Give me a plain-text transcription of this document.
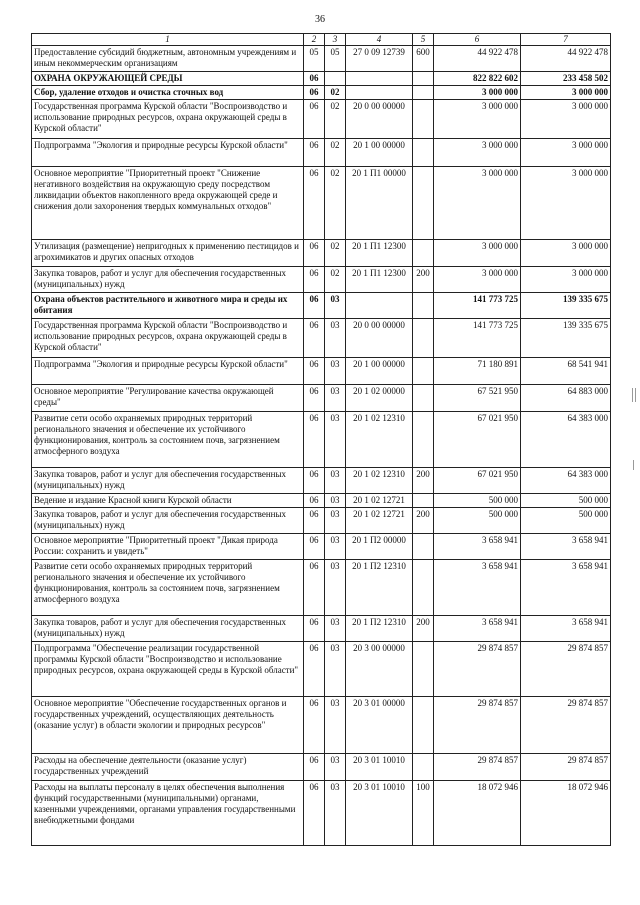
36
1	2	3	4	5	6	7
Предоставление субсидий бюджетным, автономным учреждениям и иным некоммерческим организациям	05	05	27 0 09 12739	600	44 922 478	44 922 478
ОХРАНА ОКРУЖАЮЩЕЙ СРЕДЫ	06				822 822 602	233 458 502
Сбор, удаление отходов и очистка сточных вод	06	02			3 000 000	3 000 000
Государственная программа Курской области "Воспроизводство и использование природных ресурсов, охрана окружающей среды в Курской области"	06	02	20 0 00 00000		3 000 000	3 000 000
Подпрограмма "Экология и природные ресурсы Курской области"	06	02	20 1 00 00000		3 000 000	3 000 000
Основное мероприятие "Приоритетный проект "Снижение негативного воздействия на окружающую среду посредством ликвидации объектов накопленного вреда окружающей среде и снижения доли захоронения твердых коммунальных отходов"	06	02	20 1 П1 00000		3 000 000	3 000 000
Утилизация (размещение) непригодных к применению пестицидов и агрохимикатов и других опасных отходов	06	02	20 1 П1 12300		3 000 000	3 000 000
Закупка товаров, работ и услуг для обеспечения государственных (муниципальных) нужд	06	02	20 1 П1 12300	200	3 000 000	3 000 000
Охрана объектов растительного и животного мира и среды их обитания	06	03			141 773 725	139 335 675
Государственная программа Курской области "Воспроизводство и использование природных ресурсов, охрана окружающей среды в Курской области"	06	03	20 0 00 00000		141 773 725	139 335 675
Подпрограмма "Экология и природные ресурсы Курской области"	06	03	20 1 00 00000		71 180 891	68 541 941
Основное мероприятие "Регулирование качества окружающей среды"	06	03	20 1 02 00000		67 521 950	64 883 000
Развитие сети особо охраняемых природных территорий регионального значения и обеспечение их устойчивого функционирования, контроль за состоянием почв, загрязнением атмосферного воздуха	06	03	20 1 02 12310		67 021 950	64 383 000
Закупка товаров, работ и услуг для обеспечения государственных (муниципальных) нужд	06	03	20 1 02 12310	200	67 021 950	64 383 000
Ведение и издание Красной книги Курской области	06	03	20 1 02 12721		500 000	500 000
Закупка товаров, работ и услуг для обеспечения государственных (муниципальных) нужд	06	03	20 1 02 12721	200	500 000	500 000
Основное мероприятие "Приоритетный проект "Дикая природа России: сохранить и увидеть"	06	03	20 1 П2 00000		3 658 941	3 658 941
Развитие сети особо охраняемых природных территорий регионального значения и обеспечение их устойчивого функционирования, контроль за состоянием почв, загрязнением атмосферного воздуха	06	03	20 1 П2 12310		3 658 941	3 658 941
Закупка товаров, работ и услуг для обеспечения государственных (муниципальных) нужд	06	03	20 1 П2 12310	200	3 658 941	3 658 941
Подпрограмма "Обеспечение реализации государственной программы Курской области "Воспроизводство и использование природных ресурсов, охрана окружающей среды в Курской области"	06	03	20 3 00 00000		29 874 857	29 874 857
Основное мероприятие "Обеспечение государственных органов и государственных учреждений, осуществляющих деятельность (оказание услуг) в области экологии и природных ресурсов"	06	03	20 3 01 00000		29 874 857	29 874 857
Расходы на обеспечение деятельности (оказание услуг) государственных учреждений	06	03	20 3 01 10010		29 874 857	29 874 857
Расходы на выплаты персоналу в целях обеспечения выполнения функций государственными (муниципальными) органами, казенными учреждениями, органами управления государственными внебюджетными фондами	06	03	20 3 01 10010	100	18 072 946	18 072 946
